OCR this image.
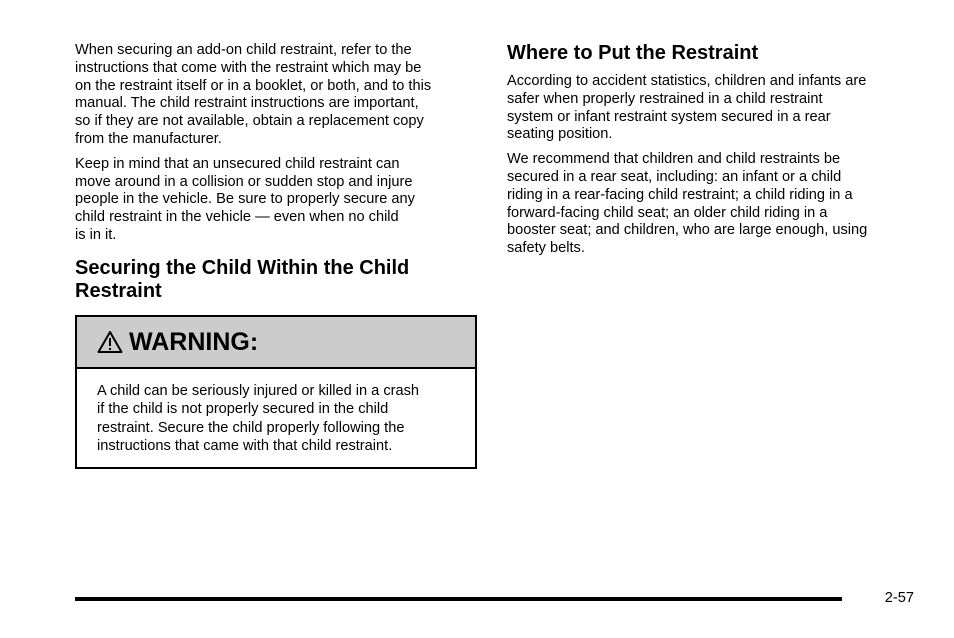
When securing an add-on child restraint, refer to the
instructions that come with the restraint which may be
on the restraint itself or in a booklet, or both, and to this
manual. The child restraint instructions are important,
so if they are not available, obtain a replacement copy
from the manufacturer.

Keep in mind that an unsecured child restraint can
move around in a collision or sudden stop and injure
people in the vehicle. Be sure to properly secure any
child restraint in the vehicle — even when no child
is in it.

Securing the Child Within the Child
Restraint
WARNING:
A child can be seriously injured or killed in a crash
if the child is not properly secured in the child
restraint. Secure the child properly following the
instructions that came with that child restraint.
Where to Put the Restraint

According to accident statistics, children and infants are
safer when properly restrained in a child restraint
system or infant restraint system secured in a rear
seating position.

We recommend that children and child restraints be
secured in a rear seat, including: an infant or a child
riding in a rear-facing child restraint; a child riding in a
forward-facing child seat; an older child riding in a
booster seat; and children, who are large enough, using
safety belts.

2-57
